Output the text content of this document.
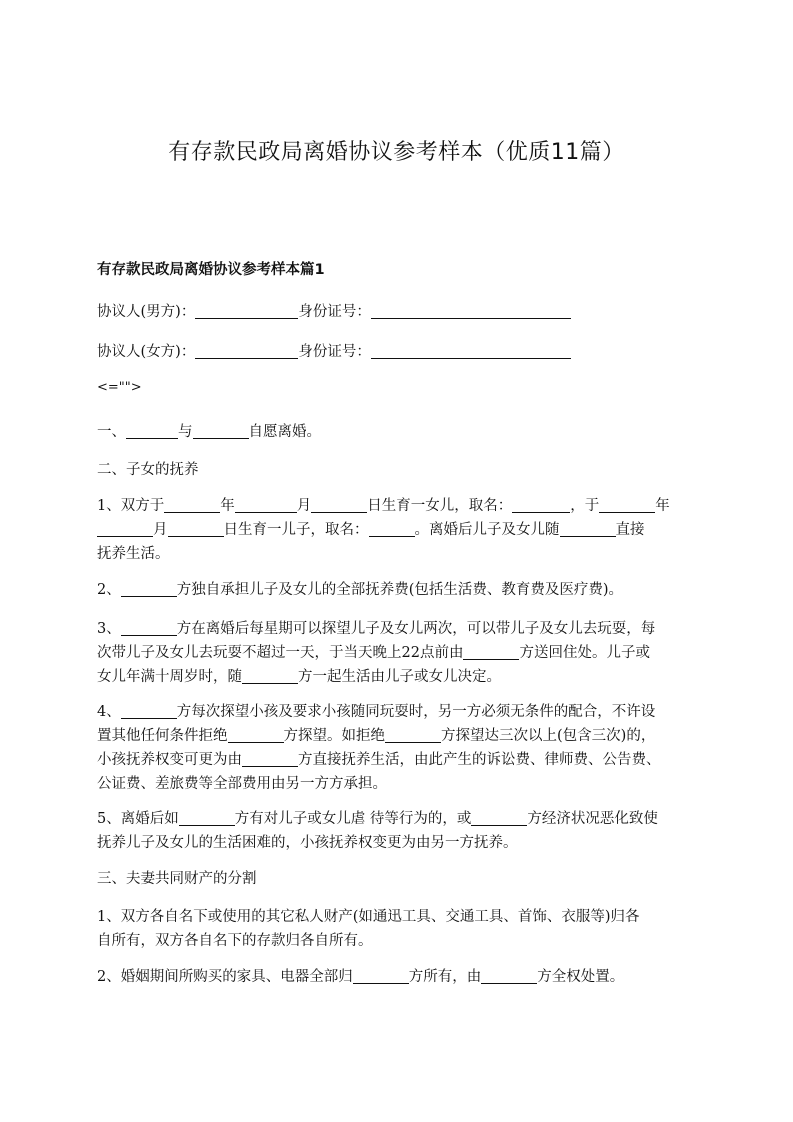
有存款民政局离婚协议参考样本（优质11篇）
有存款民政局离婚协议参考样本篇1
协议人(男方)：	身份证号：
协议人(女方)：	身份证号：
<="">
一、	与	自愿离婚。
二、子女的抚养
1、双方于	年	月	日生育一女儿，取名：	，于	年
月	日生育一儿子，取名：	。离婚后儿子及女儿随	直接
抚养生活。
2、	方独自承担儿子及女儿的全部抚养费(包括生活费、教育费及医疗费)。
3、	方在离婚后每星期可以探望儿子及女儿两次，可以带儿子及女儿去玩耍，每
次带儿子及女儿去玩耍不超过一天，于当天晚上22点前由	方送回住处。儿子或
女儿年满十周岁时，随	方一起生活由儿子或女儿决定。
4、	方每次探望小孩及要求小孩随同玩耍时，另一方必须无条件的配合，不许设
置其他任何条件拒绝	方探望。如拒绝	方探望达三次以上(包含三次)的，
小孩抚养权变可更为由	方直接抚养生活，由此产生的诉讼费、律师费、公告费、
公证费、差旅费等全部费用由另一方方承担。
5、离婚后如	方有对儿子或女儿虐 待等行为的，或	方经济状况恶化致使
抚养儿子及女儿的生活困难的，小孩抚养权变更为由另一方抚养。
三、夫妻共同财产的分割
1、双方各自名下或使用的其它私人财产(如通迅工具、交通工具、首饰、衣服等)归各
自所有，双方各自名下的存款归各自所有。
2、婚姻期间所购买的家具、电器全部归	方所有，由	方全权处置。
